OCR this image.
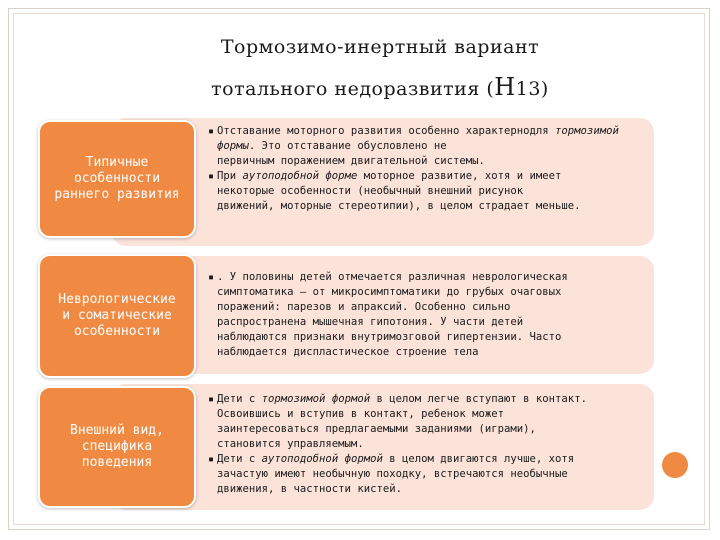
Тормозимо-инертный вариант
тотального недоразвития (Н13)
Типичные
особенности
раннего развития
▪ Отставание моторного развития особенно характернодля тормозимой формы. Это отставание обусловлено не
первичным поражением двигательной системы.
▪ При аутоподобной форме моторное развитие, хотя и имеет
некоторые особенности (необычный внешний рисунок
движений, моторные стереотипии), в целом страдает меньше.
Неврологические
и соматические
особенности
▪ . У половины детей отмечается различная неврологическая
симптоматика — от микросимптоматики до грубых очаговых
поражений: парезов и апраксий. Особенно сильно
распространена мышечная гипотония. У части детей
наблюдаются признаки внутримозговой гипертензии. Часто
наблюдается диспластическое строение тела
Внешний вид,
специфика
поведения
▪ Дети с тормозимой формой в целом легче вступают в контакт.
Освоившись и вступив в контакт, ребенок может
заинтересоваться предлагаемыми заданиями (играми),
становится управляемым.
▪ Дети с аутоподобной формой в целом двигаются лучше, хотя
зачастую имеют необычную походку, встречаются необычные
движения, в частности кистей.
